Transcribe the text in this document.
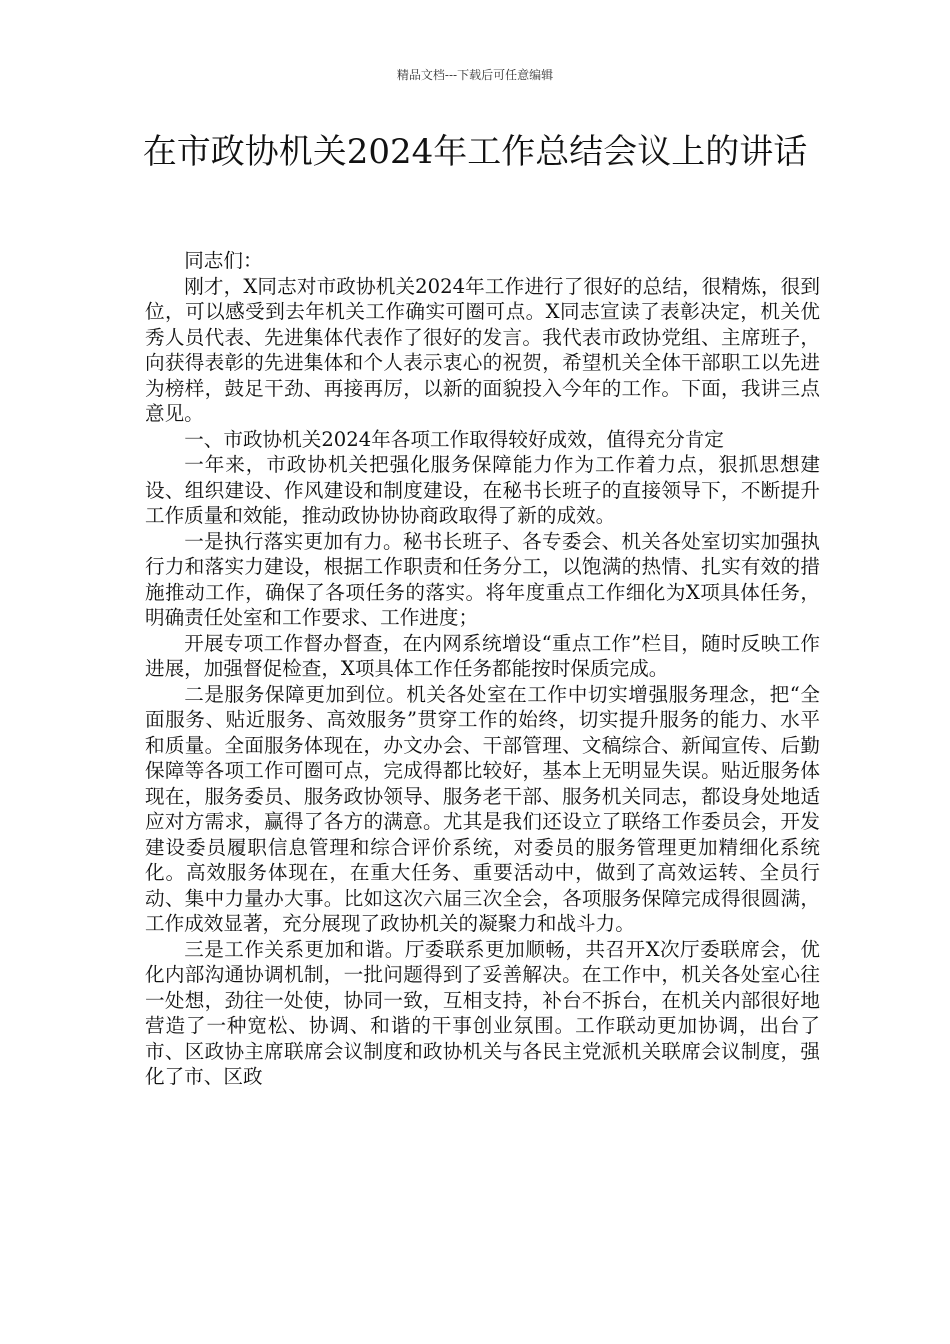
精品文档---下载后可任意编辑
在市政协机关2024年工作总结会议上的讲话

同志们：

刚才，X同志对市政协机关2024年工作进行了很好的总结，很精炼，很到位，可以感受到去年机关工作确实可圈可点。X同志宣读了表彰决定，机关优秀人员代表、先进集体代表作了很好的发言。我代表市政协党组、主席班子，向获得表彰的先进集体和个人表示衷心的祝贺，希望机关全体干部职工以先进为榜样，鼓足干劲、再接再厉，以新的面貌投入今年的工作。下面，我讲三点意见。

一、市政协机关2024年各项工作取得较好成效，值得充分肯定

一年来，市政协机关把强化服务保障能力作为工作着力点，狠抓思想建设、组织建设、作风建设和制度建设，在秘书长班子的直接领导下，不断提升工作质量和效能，推动政协协协商政取得了新的成效。

一是执行落实更加有力。秘书长班子、各专委会、机关各处室切实加强执行力和落实力建设，根据工作职责和任务分工，以饱满的热情、扎实有效的措施推动工作，确保了各项任务的落实。将年度重点工作细化为X项具体任务，明确责任处室和工作要求、工作进度；

开展专项工作督办督查，在内网系统增设“重点工作”栏目，随时反映工作进展，加强督促检查，X项具体工作任务都能按时保质完成。

二是服务保障更加到位。机关各处室在工作中切实增强服务理念，把“全面服务、贴近服务、高效服务”贯穿工作的始终，切实提升服务的能力、水平和质量。全面服务体现在，办文办会、干部管理、文稿综合、新闻宣传、后勤保障等各项工作可圈可点，完成得都比较好，基本上无明显失误。贴近服务体现在，服务委员、服务政协领导、服务老干部、服务机关同志，都设身处地适应对方需求，赢得了各方的满意。尤其是我们还设立了联络工作委员会，开发建设委员履职信息管理和综合评价系统，对委员的服务管理更加精细化系统化。高效服务体现在，在重大任务、重要活动中，做到了高效运转、全员行动、集中力量办大事。比如这次六届三次全会，各项服务保障完成得很圆满，工作成效显著，充分展现了政协机关的凝聚力和战斗力。

三是工作关系更加和谐。厅委联系更加顺畅，共召开X次厅委联席会，优化内部沟通协调机制，一批问题得到了妥善解决。在工作中，机关各处室心往一处想，劲往一处使，协同一致，互相支持，补台不拆台，在机关内部很好地营造了一种宽松、协调、和谐的干事创业氛围。工作联动更加协调，出台了市、区政协主席联席会议制度和政协机关与各民主党派机关联席会议制度，强化了市、区政
